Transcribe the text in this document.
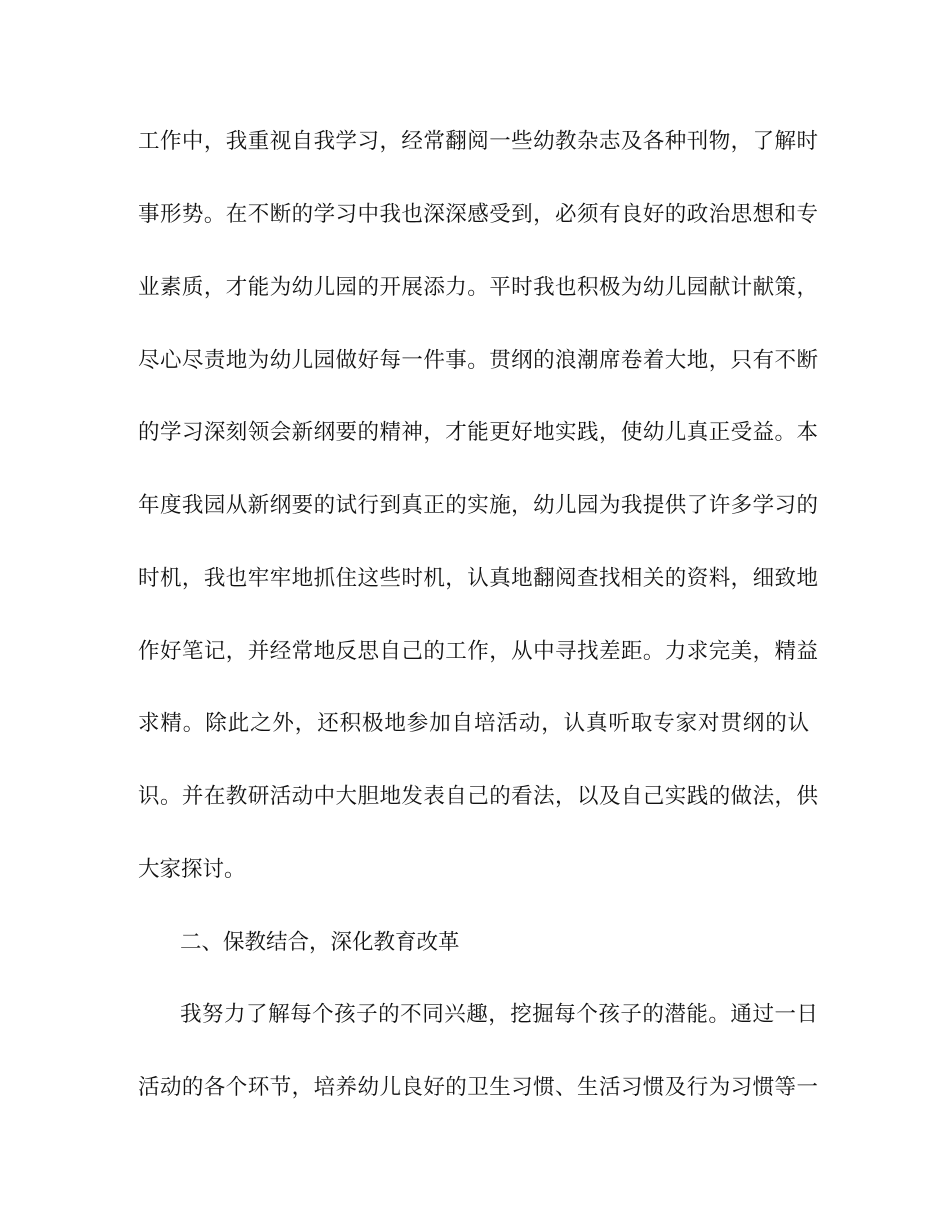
工作中，我重视自我学习，经常翻阅一些幼教杂志及各种刊物，了解时
事形势。在不断的学习中我也深深感受到，必须有良好的政治思想和专
业素质，才能为幼儿园的开展添力。平时我也积极为幼儿园献计献策，
尽心尽责地为幼儿园做好每一件事。贯纲的浪潮席卷着大地，只有不断
的学习深刻领会新纲要的精神，才能更好地实践，使幼儿真正受益。本
年度我园从新纲要的试行到真正的实施，幼儿园为我提供了许多学习的
时机，我也牢牢地抓住这些时机，认真地翻阅查找相关的资料，细致地
作好笔记，并经常地反思自己的工作，从中寻找差距。力求完美，精益
求精。除此之外，还积极地参加自培活动，认真听取专家对贯纲的认
识。并在教研活动中大胆地发表自己的看法，以及自己实践的做法，供
大家探讨。
二、保教结合，深化教育改革
我努力了解每个孩子的不同兴趣，挖掘每个孩子的潜能。通过一日
活动的各个环节，培养幼儿良好的卫生习惯、生活习惯及行为习惯等一
